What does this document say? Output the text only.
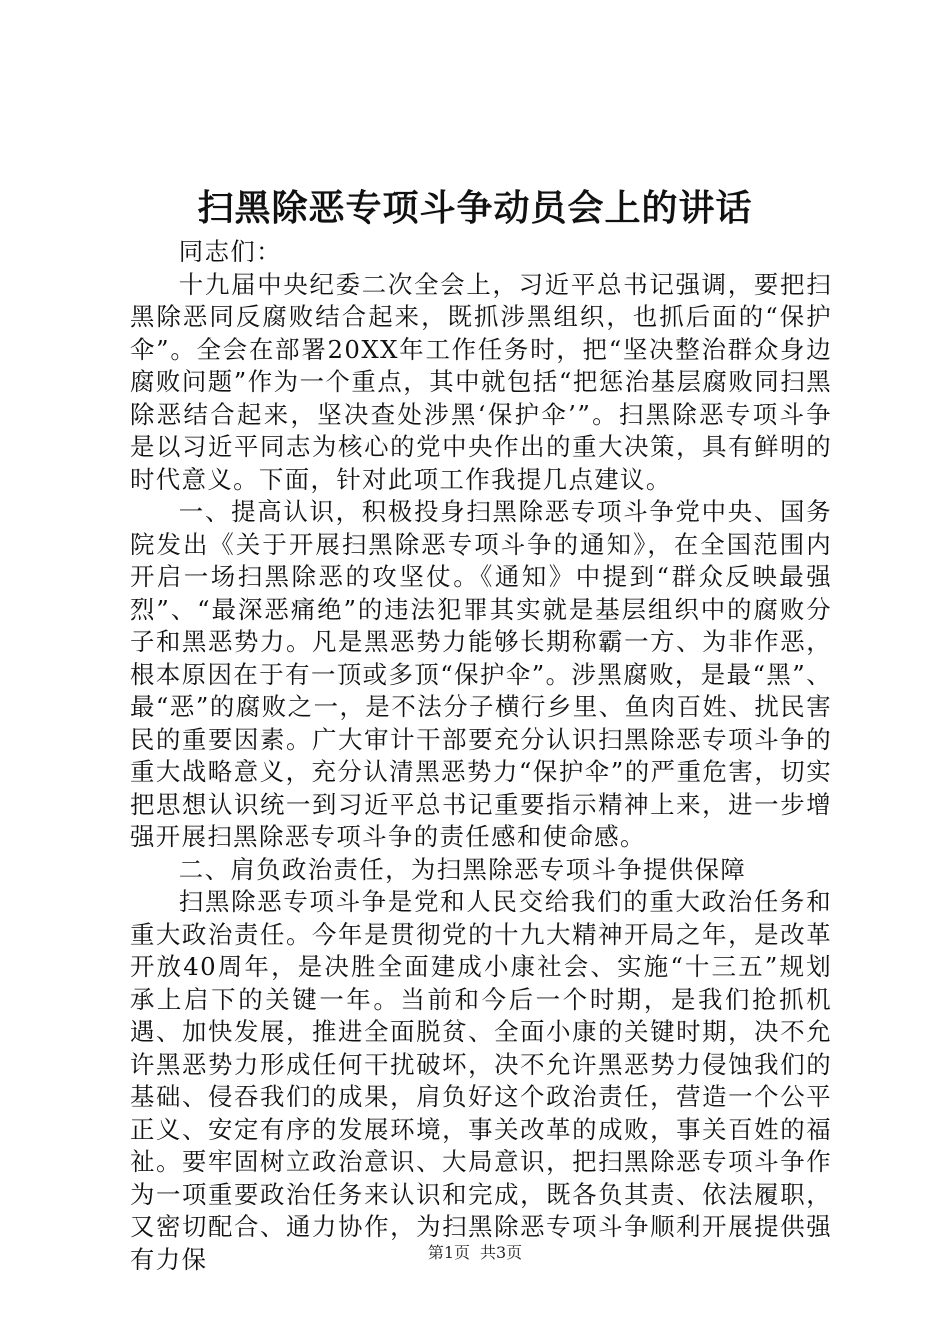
扫黑除恶专项斗争动员会上的讲话

同志们：

十九届中央纪委二次全会上，习近平总书记强调，要把扫黑除恶同反腐败结合起来，既抓涉黑组织，也抓后面的“保护伞”。全会在部署20XX年工作任务时，把“坚决整治群众身边腐败问题”作为一个重点，其中就包括“把惩治基层腐败同扫黑除恶结合起来，坚决查处涉黑‘保护伞’”。扫黑除恶专项斗争是以习近平同志为核心的党中央作出的重大决策，具有鲜明的时代意义。下面，针对此项工作我提几点建议。

一、提高认识，积极投身扫黑除恶专项斗争党中央、国务院发出《关于开展扫黑除恶专项斗争的通知》，在全国范围内开启一场扫黑除恶的攻坚仗。《通知》中提到“群众反映最强烈”、“最深恶痛绝”的违法犯罪其实就是基层组织中的腐败分子和黑恶势力。凡是黑恶势力能够长期称霸一方、为非作恶，根本原因在于有一顶或多顶“保护伞”。涉黑腐败，是最“黑”、最“恶”的腐败之一，是不法分子横行乡里、鱼肉百姓、扰民害民的重要因素。广大审计干部要充分认识扫黑除恶专项斗争的重大战略意义，充分认清黑恶势力“保护伞”的严重危害，切实把思想认识统一到习近平总书记重要指示精神上来，进一步增强开展扫黑除恶专项斗争的责任感和使命感。

二、肩负政治责任，为扫黑除恶专项斗争提供保障

扫黑除恶专项斗争是党和人民交给我们的重大政治任务和重大政治责任。今年是贯彻党的十九大精神开局之年，是改革开放40周年，是决胜全面建成小康社会、实施“十三五”规划承上启下的关键一年。当前和今后一个时期，是我们抢抓机遇、加快发展，推进全面脱贫、全面小康的关键时期，决不允许黑恶势力形成任何干扰破坏，决不允许黑恶势力侵蚀我们的基础、侵吞我们的成果，肩负好这个政治责任，营造一个公平正义、安定有序的发展环境，事关改革的成败，事关百姓的福祉。要牢固树立政治意识、大局意识，把扫黑除恶专项斗争作为一项重要政治任务来认识和完成，既各负其责、依法履职，又密切配合、通力协作，为扫黑除恶专项斗争顺利开展提供强有力保	第1页 共3页
